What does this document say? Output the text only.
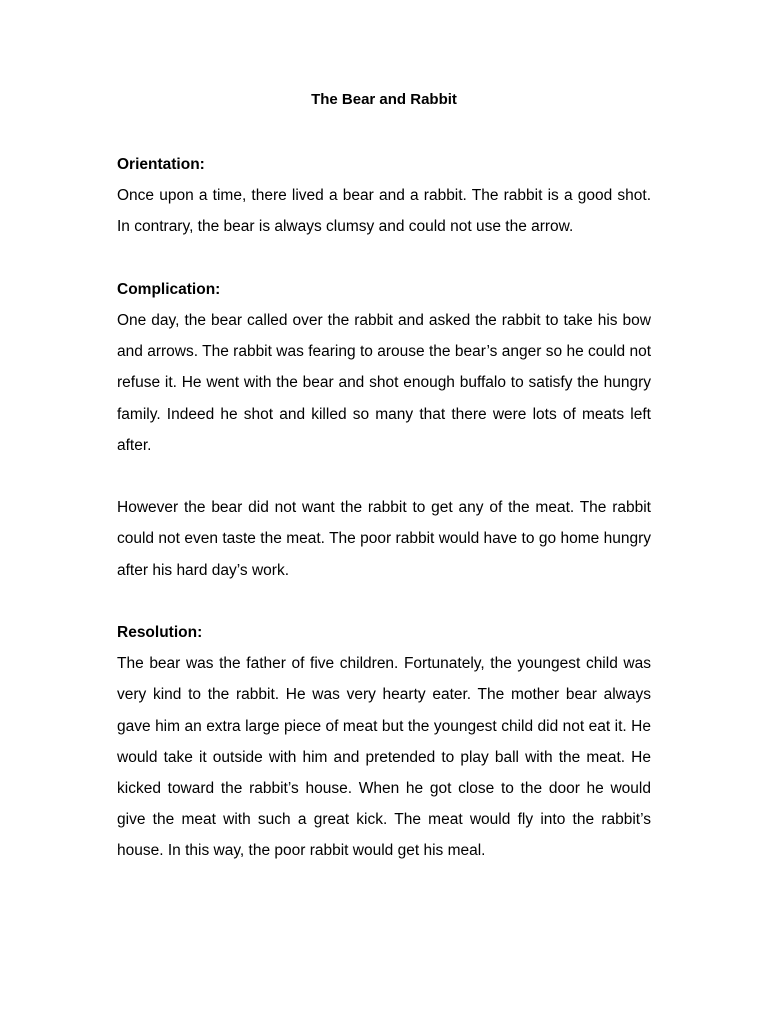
The Bear and Rabbit

Orientation:

Once upon a time, there lived a bear and a rabbit. The rabbit is a good shot. In contrary, the bear is always clumsy and could not use the arrow.

Complication:

One day, the bear called over the rabbit and asked the rabbit to take his bow and arrows. The rabbit was fearing to arouse the bear’s anger so he could not refuse it. He went with the bear and shot enough buffalo to satisfy the hungry family. Indeed he shot and killed so many that there were lots of meats left after.

However the bear did not want the rabbit to get any of the meat. The rabbit could not even taste the meat. The poor rabbit would have to go home hungry after his hard day’s work.

Resolution:

The bear was the father of five children. Fortunately, the youngest child was very kind to the rabbit. He was very hearty eater. The mother bear always gave him an extra large piece of meat but the youngest child did not eat it. He would take it outside with him and pretended to play ball with the meat. He kicked toward the rabbit’s house. When he got close to the door he would give the meat with such a great kick. The meat would fly into the rabbit’s house. In this way, the poor rabbit would get his meal.
